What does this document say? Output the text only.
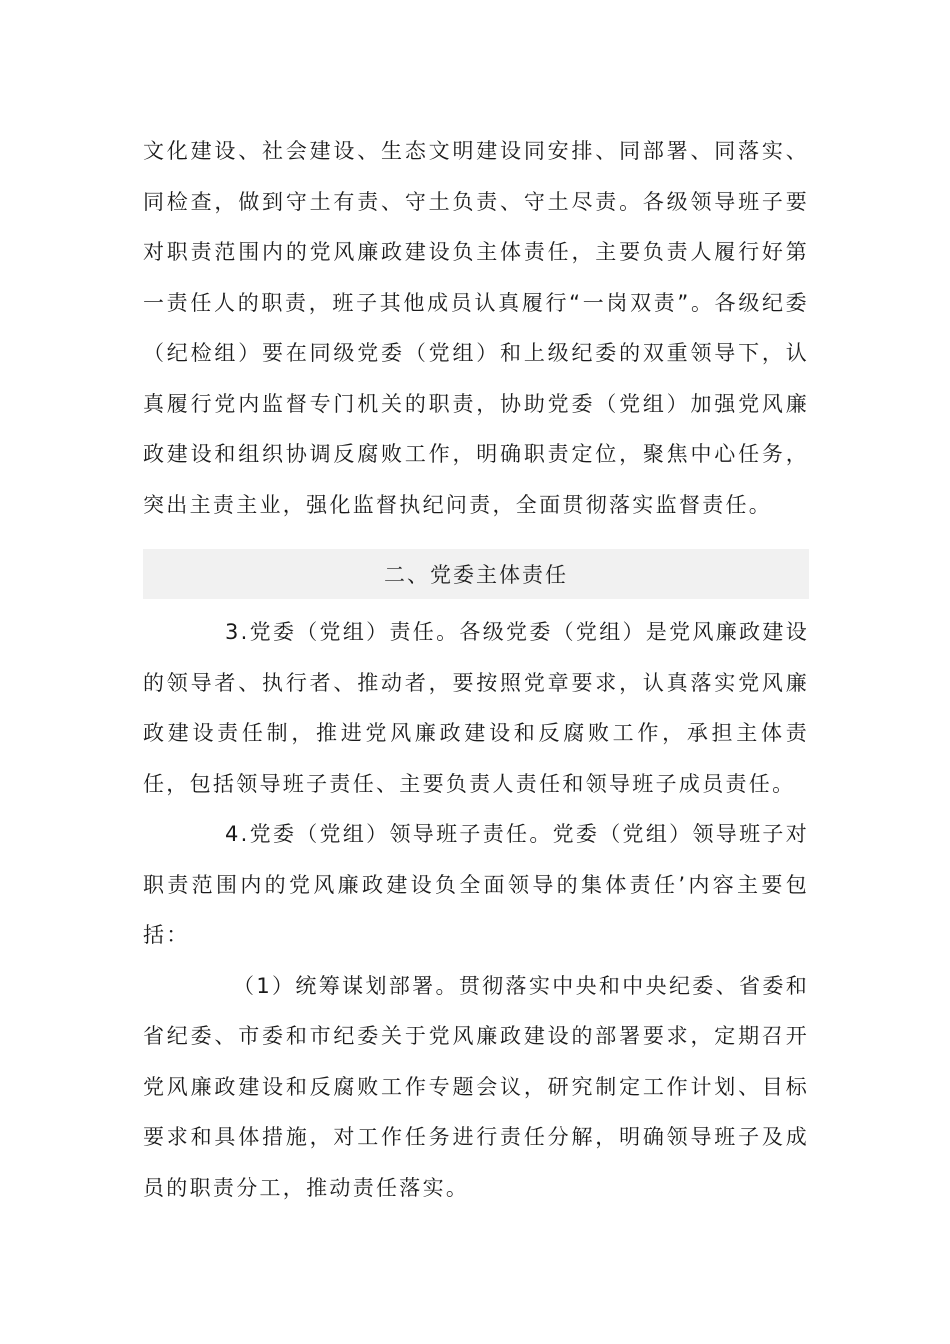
文化建设、社会建设、生态文明建设同安排、同部署、同落实、同检查，做到守土有责、守土负责、守土尽责。各级领导班子要对职责范围内的党风廉政建设负主体责任，主要负责人履行好第一责任人的职责，班子其他成员认真履行“一岗双责”。各级纪委（纪检组）要在同级党委（党组）和上级纪委的双重领导下，认真履行党内监督专门机关的职责，协助党委（党组）加强党风廉政建设和组织协调反腐败工作，明确职责定位，聚焦中心任务，突出主责主业，强化监督执纪问责，全面贯彻落实监督责任。

二、党委主体责任

3.党委（党组）责任。各级党委（党组）是党风廉政建设的领导者、执行者、推动者，要按照党章要求，认真落实党风廉政建设责任制，推进党风廉政建设和反腐败工作，承担主体责任，包括领导班子责任、主要负责人责任和领导班子成员责任。

4.党委（党组）领导班子责任。党委（党组）领导班子对职责范围内的党风廉政建设负全面领导的集体责任’内容主要包括：

（1）统筹谋划部署。贯彻落实中央和中央纪委、省委和省纪委、市委和市纪委关于党风廉政建设的部署要求，定期召开党风廉政建设和反腐败工作专题会议，研究制定工作计划、目标要求和具体措施，对工作任务进行责任分解，明确领导班子及成员的职责分工，推动责任落实。
